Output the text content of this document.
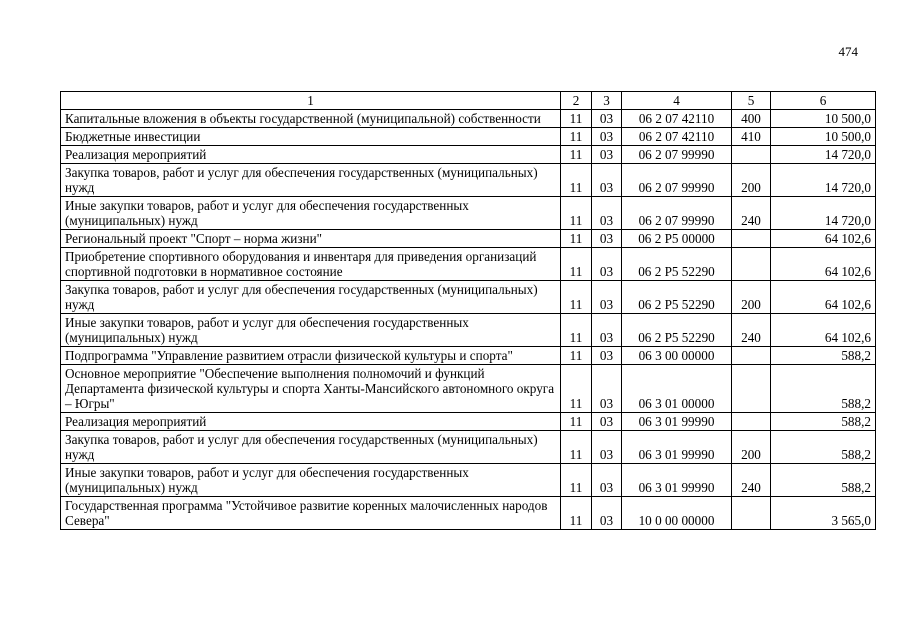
474
1	2	3	4	5	6
Капитальные вложения в объекты государственной (муниципальной) собственности	11	03	06 2 07 42110	400	10 500,0
Бюджетные инвестиции	11	03	06 2 07 42110	410	10 500,0
Реализация мероприятий	11	03	06 2 07 99990		14 720,0
Закупка товаров, работ и услуг для обеспечения государственных (муниципальных) нужд	11	03	06 2 07 99990	200	14 720,0
Иные закупки товаров, работ и услуг для обеспечения государственных (муниципальных) нужд	11	03	06 2 07 99990	240	14 720,0
Региональный проект "Спорт – норма жизни"	11	03	06 2 P5 00000		64 102,6
Приобретение спортивного оборудования и инвентаря для приведения организаций спортивной подготовки в нормативное состояние	11	03	06 2 P5 52290		64 102,6
Закупка товаров, работ и услуг для обеспечения государственных (муниципальных) нужд	11	03	06 2 P5 52290	200	64 102,6
Иные закупки товаров, работ и услуг для обеспечения государственных (муниципальных) нужд	11	03	06 2 P5 52290	240	64 102,6
Подпрограмма "Управление развитием отрасли физической культуры и спорта"	11	03	06 3 00 00000		588,2
Основное мероприятие "Обеспечение выполнения полномочий и функций Департамента физической культуры и спорта Ханты-Мансийского автономного округа – Югры"	11	03	06 3 01 00000		588,2
Реализация мероприятий	11	03	06 3 01 99990		588,2
Закупка товаров, работ и услуг для обеспечения государственных (муниципальных) нужд	11	03	06 3 01 99990	200	588,2
Иные закупки товаров, работ и услуг для обеспечения государственных (муниципальных) нужд	11	03	06 3 01 99990	240	588,2
Государственная программа "Устойчивое развитие коренных малочисленных народов Севера"	11	03	10 0 00 00000		3 565,0
